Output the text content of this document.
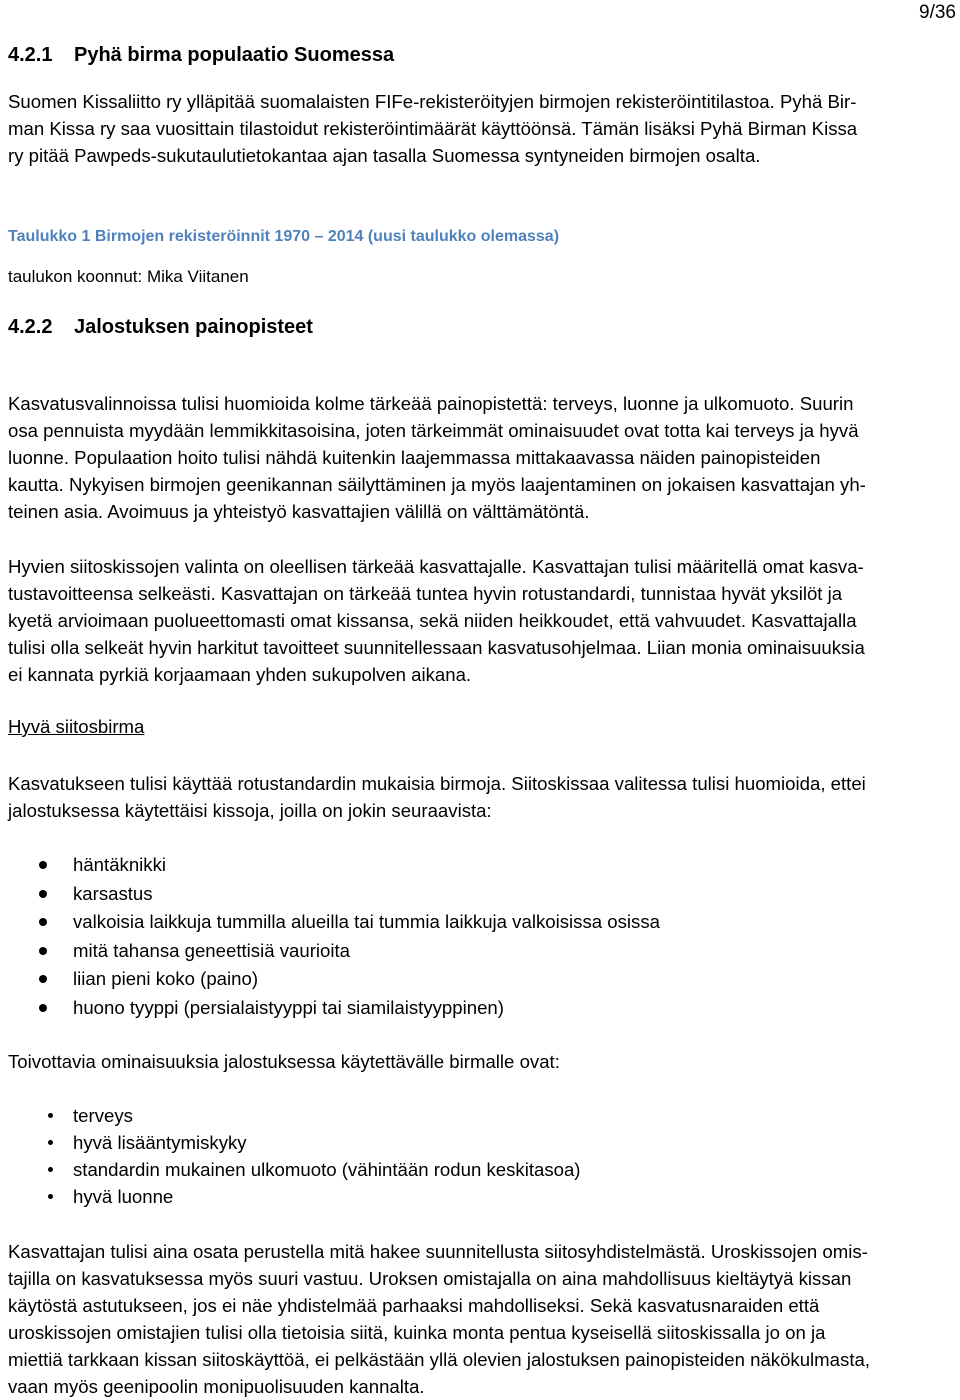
9/36
4.2.1 Pyhä birma populaatio Suomessa

Suomen Kissaliitto ry ylläpitää suomalaisten FIFe-rekisteröityjen birmojen rekisteröintitilastoa. Pyhä Bir-
man Kissa ry saa vuosittain tilastoidut rekisteröintimäärät käyttöönsä. Tämän lisäksi Pyhä Birman Kissa
ry pitää Pawpeds-sukutaulutietokantaa ajan tasalla Suomessa syntyneiden birmojen osalta.

Taulukko 1 Birmojen rekisteröinnit 1970 – 2014 (uusi taulukko olemassa)

taulukon koonnut: Mika Viitanen

4.2.2 Jalostuksen painopisteet

Kasvatusvalinnoissa tulisi huomioida kolme tärkeää painopistettä: terveys, luonne ja ulkomuoto. Suurin
osa pennuista myydään lemmikkitasoisina, joten tärkeimmät ominaisuudet ovat totta kai terveys ja hyvä
luonne. Populaation hoito tulisi nähdä kuitenkin laajemmassa mittakaavassa näiden painopisteiden
kautta. Nykyisen birmojen geenikannan säilyttäminen ja myös laajentaminen on jokaisen kasvattajan yh-
teinen asia. Avoimuus ja yhteistyö kasvattajien välillä on välttämätöntä.

Hyvien siitoskissojen valinta on oleellisen tärkeää kasvattajalle. Kasvattajan tulisi määritellä omat kasva-
tustavoitteensa selkeästi. Kasvattajan on tärkeää tuntea hyvin rotustandardi, tunnistaa hyvät yksilöt ja
kyetä arvioimaan puolueettomasti omat kissansa, sekä niiden heikkoudet, että vahvuudet. Kasvattajalla
tulisi olla selkeät hyvin harkitut tavoitteet suunnitellessaan kasvatusohjelmaa. Liian monia ominaisuuksia
ei kannata pyrkiä korjaamaan yhden sukupolven aikana.

Hyvä siitosbirma

Kasvatukseen tulisi käyttää rotustandardin mukaisia birmoja. Siitoskissaa valitessa tulisi huomioida, ettei
jalostuksessa käytettäisi kissoja, joilla on jokin seuraavista:

häntäknikki
karsastus
valkoisia laikkuja tummilla alueilla tai tummia laikkuja valkoisissa osissa
mitä tahansa geneettisiä vaurioita
liian pieni koko (paino)
huono tyyppi (persialaistyyppi tai siamilaistyyppinen)

Toivottavia ominaisuuksia jalostuksessa käytettävälle birmalle ovat:

terveys
hyvä lisääntymiskyky
standardin mukainen ulkomuoto (vähintään rodun keskitasoa)
hyvä luonne

Kasvattajan tulisi aina osata perustella mitä hakee suunnitellusta siitosyhdistelmästä. Uroskissojen omis-
tajilla on kasvatuksessa myös suuri vastuu. Uroksen omistajalla on aina mahdollisuus kieltäytyä kissan
käytöstä astutukseen, jos ei näe yhdistelmää parhaaksi mahdolliseksi. Sekä kasvatusnaraiden että
uroskissojen omistajien tulisi olla tietoisia siitä, kuinka monta pentua kyseisellä siitoskissalla jo on ja
miettiä tarkkaan kissan siitoskäyttöä, ei pelkästään yllä olevien jalostuksen painopisteiden näkökulmasta,
vaan myös geenipoolin monipuolisuuden kannalta.
